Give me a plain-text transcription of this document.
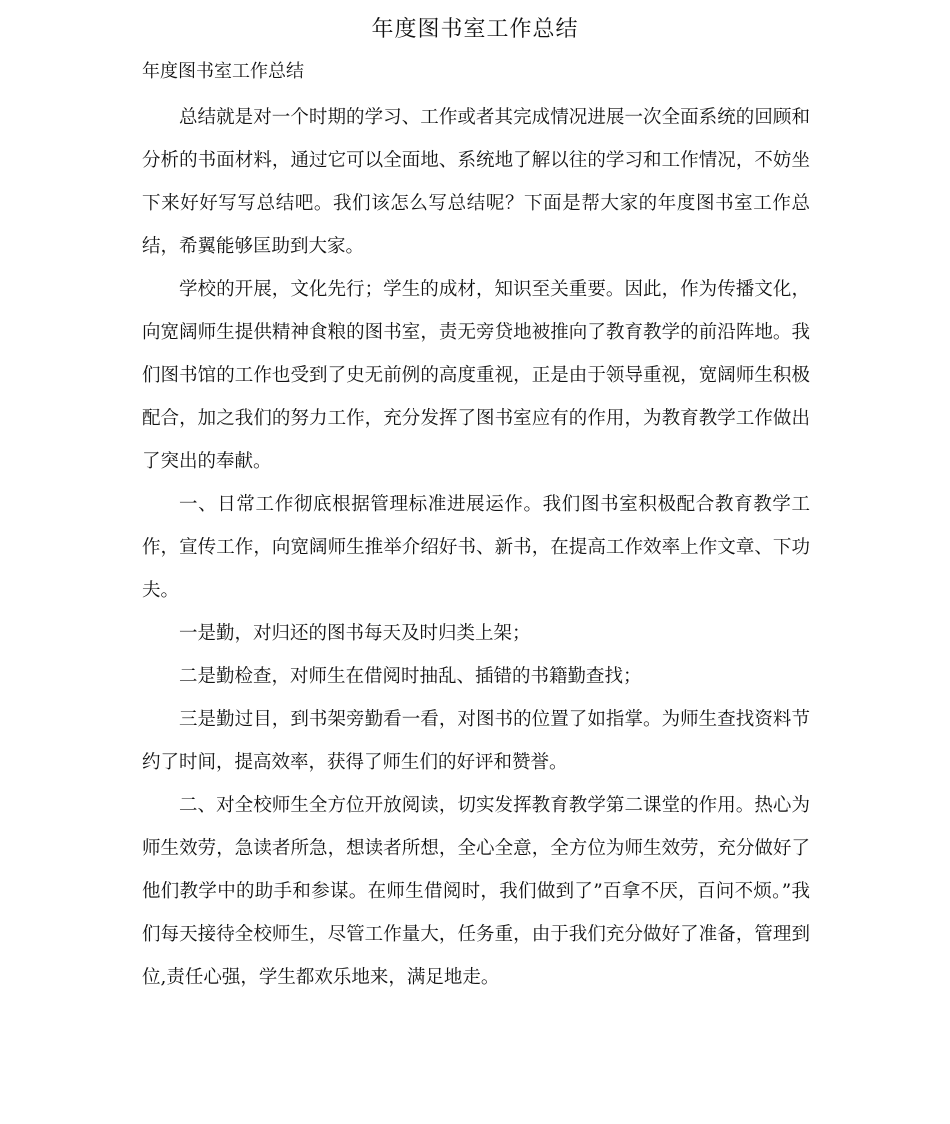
年度图书室工作总结
年度图书室工作总结

总结就是对一个时期的学习、工作或者其完成情况进展一次全面系统的回顾和分析的书面材料，通过它可以全面地、系统地了解以往的学习和工作情况，不妨坐下来好好写写总结吧。我们该怎么写总结呢？下面是帮大家的年度图书室工作总结，希翼能够匡助到大家。

学校的开展，文化先行；学生的成材，知识至关重要。因此，作为传播文化，向宽阔师生提供精神食粮的图书室，责无旁贷地被推向了教育教学的前沿阵地。我们图书馆的工作也受到了史无前例的高度重视，正是由于领导重视，宽阔师生积极配合，加之我们的努力工作，充分发挥了图书室应有的作用，为教育教学工作做出了突出的奉献。

一、日常工作彻底根据管理标准进展运作。我们图书室积极配合教育教学工作，宣传工作，向宽阔师生推举介绍好书、新书，在提高工作效率上作文章、下功夫。

一是勤，对归还的图书每天及时归类上架；

二是勤检查，对师生在借阅时抽乱、插错的书籍勤查找；

三是勤过目，到书架旁勤看一看，对图书的位置了如指掌。为师生查找资料节约了时间，提高效率，获得了师生们的好评和赞誉。

二、对全校师生全方位开放阅读，切实发挥教育教学第二课堂的作用。热心为师生效劳，急读者所急，想读者所想，全心全意，全方位为师生效劳，充分做好了他们教学中的助手和参谋。在师生借阅时，我们做到了”百拿不厌，百问不烦。”我们每天接待全校师生，尽管工作量大，任务重，由于我们充分做好了准备，管理到位,责任心强，学生都欢乐地来，满足地走。
